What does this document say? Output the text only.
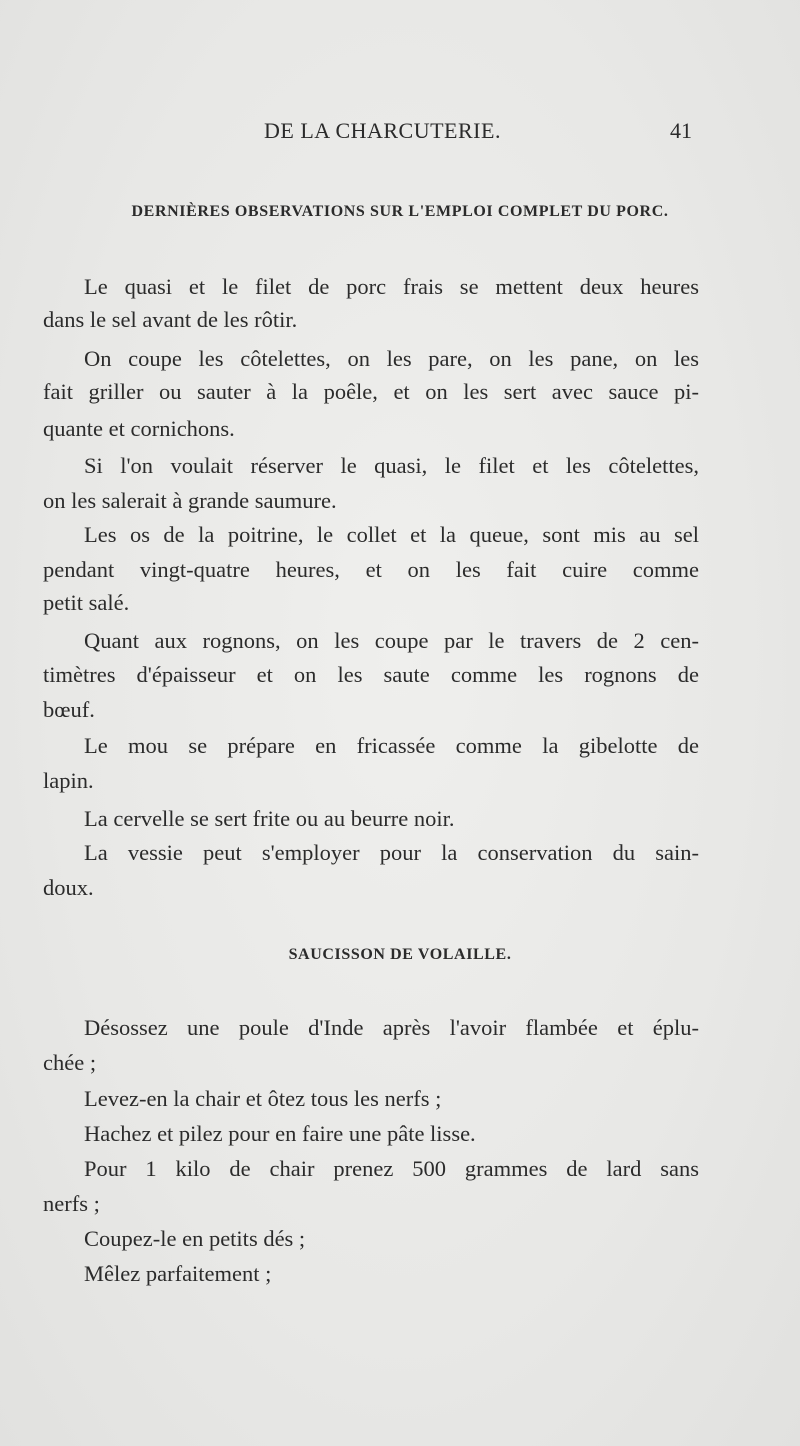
DE LA CHARCUTERIE.	41
DERNIÈRES OBSERVATIONS SUR L'EMPLOI COMPLET DU PORC.
Le quasi et le filet de porc frais se mettent deux heures
dans le sel avant de les rôtir.
On coupe les côtelettes, on les pare, on les pane, on les
fait griller ou sauter à la poêle, et on les sert avec sauce pi-
quante et cornichons.
Si l'on voulait réserver le quasi, le filet et les côtelettes,
on les salerait à grande saumure.
Les os de la poitrine, le collet et la queue, sont mis au sel
pendant vingt-quatre heures, et on les fait cuire comme
petit salé.
Quant aux rognons, on les coupe par le travers de 2 cen-
timètres d'épaisseur et on les saute comme les rognons de
bœuf.
Le mou se prépare en fricassée comme la gibelotte de
lapin.
La cervelle se sert frite ou au beurre noir.
La vessie peut s'employer pour la conservation du sain-
doux.
SAUCISSON DE VOLAILLE.
Désossez une poule d'Inde après l'avoir flambée et éplu-
chée ;
Levez-en la chair et ôtez tous les nerfs ;
Hachez et pilez pour en faire une pâte lisse.
Pour 1 kilo de chair prenez 500 grammes de lard sans
nerfs ;
Coupez-le en petits dés ;
Mêlez parfaitement ;
